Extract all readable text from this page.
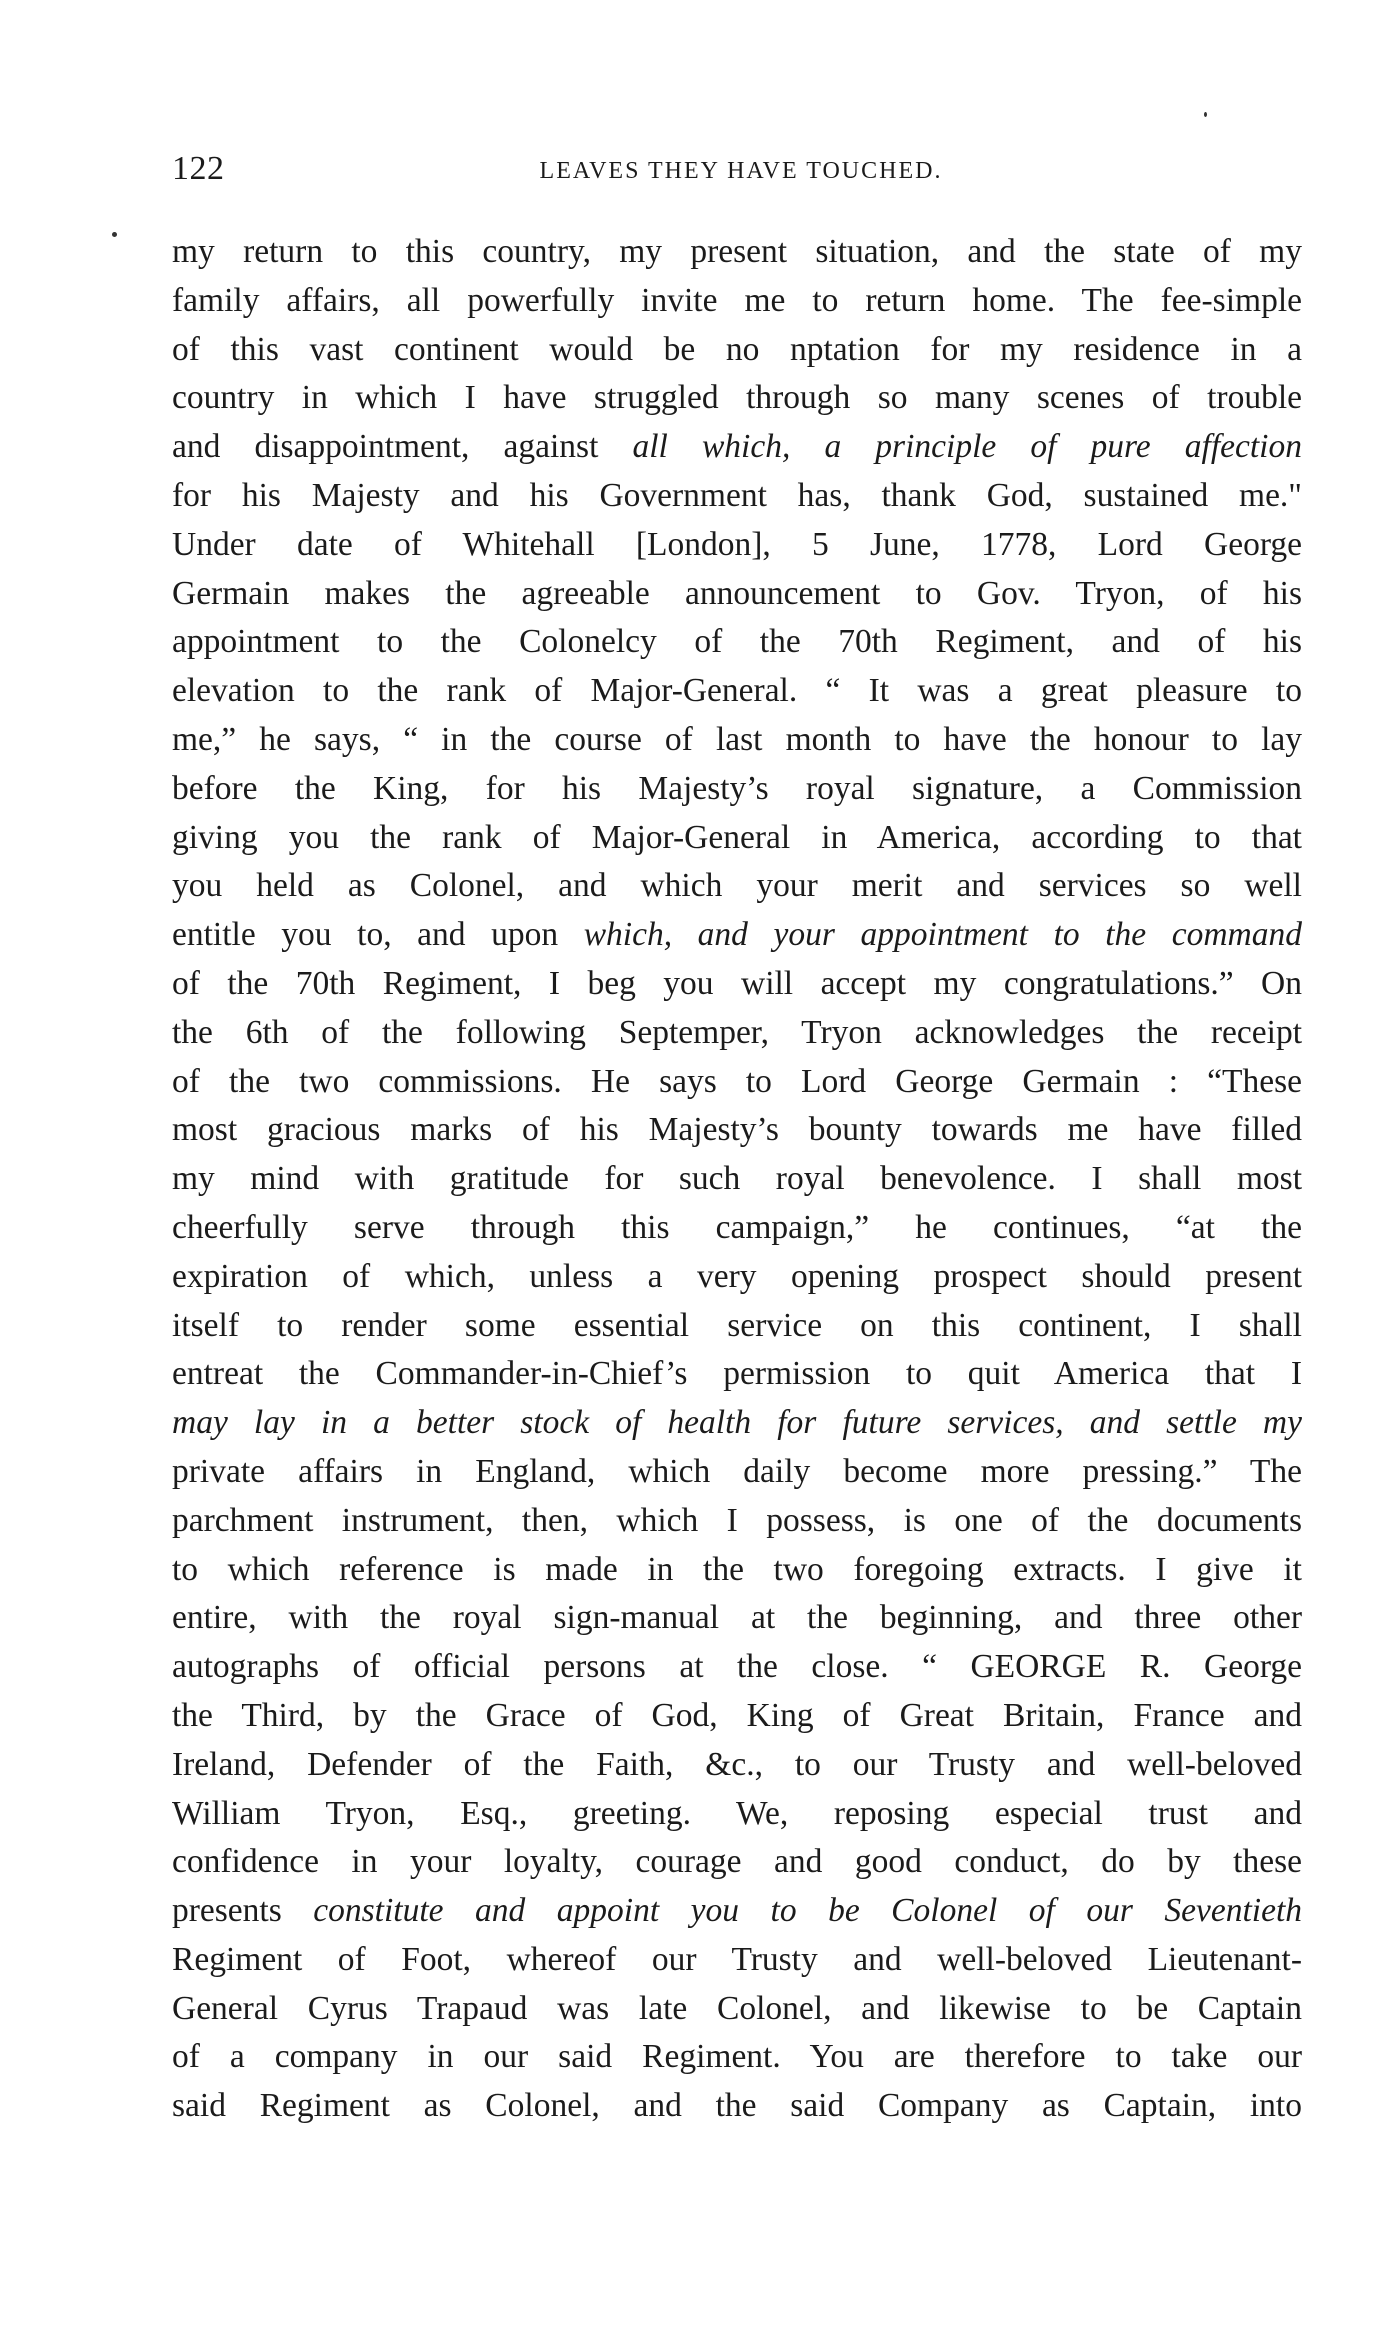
122	LEAVES THEY HAVE TOUCHED.
my return to this country, my present situation, and the state of my
family affairs, all powerfully invite me to return home. The fee-simple
of this vast continent would be no nptation for my residence in a
country in which I have struggled through so many scenes of trouble
and disappointment, against all which, a principle of pure affection
for his Majesty and his Government has, thank God, sustained me."
Under date of Whitehall [London], 5 June, 1778, Lord George
Germain makes the agreeable announcement to Gov. Tryon, of his
appointment to the Colonelcy of the 70th Regiment, and of his
elevation to the rank of Major-General. “ It was a great pleasure to
me,” he says, “ in the course of last month to have the honour to lay
before the King, for his Majesty’s royal signature, a Commission
giving you the rank of Major-General in America, according to that
you held as Colonel, and which your merit and services so well
entitle you to, and upon which, and your appointment to the command
of the 70th Regiment, I beg you will accept my congratulations.” On
the 6th of the following Septemper, Tryon acknowledges the receipt
of the two commissions. He says to Lord George Germain : “These
most gracious marks of his Majesty’s bounty towards me have filled
my mind with gratitude for such royal benevolence. I shall most
cheerfully serve through this campaign,” he continues, “at the
expiration of which, unless a very opening prospect should present
itself to render some essential service on this continent, I shall
entreat the Commander-in-Chief’s permission to quit America that I
may lay in a better stock of health for future services, and settle my
private affairs in England, which daily become more pressing.” The
parchment instrument, then, which I possess, is one of the documents
to which reference is made in the two foregoing extracts. I give it
entire, with the royal sign-manual at the beginning, and three other
autographs of official persons at the close. “ GEORGE R. George
the Third, by the Grace of God, King of Great Britain, France and
Ireland, Defender of the Faith, &c., to our Trusty and well-beloved
William Tryon, Esq., greeting. We, reposing especial trust and
confidence in your loyalty, courage and good conduct, do by these
presents constitute and appoint you to be Colonel of our Seventieth
Regiment of Foot, whereof our Trusty and well-beloved Lieutenant-
General Cyrus Trapaud was late Colonel, and likewise to be Captain
of a company in our said Regiment. You are therefore to take our
said Regiment as Colonel, and the said Company as Captain, into
